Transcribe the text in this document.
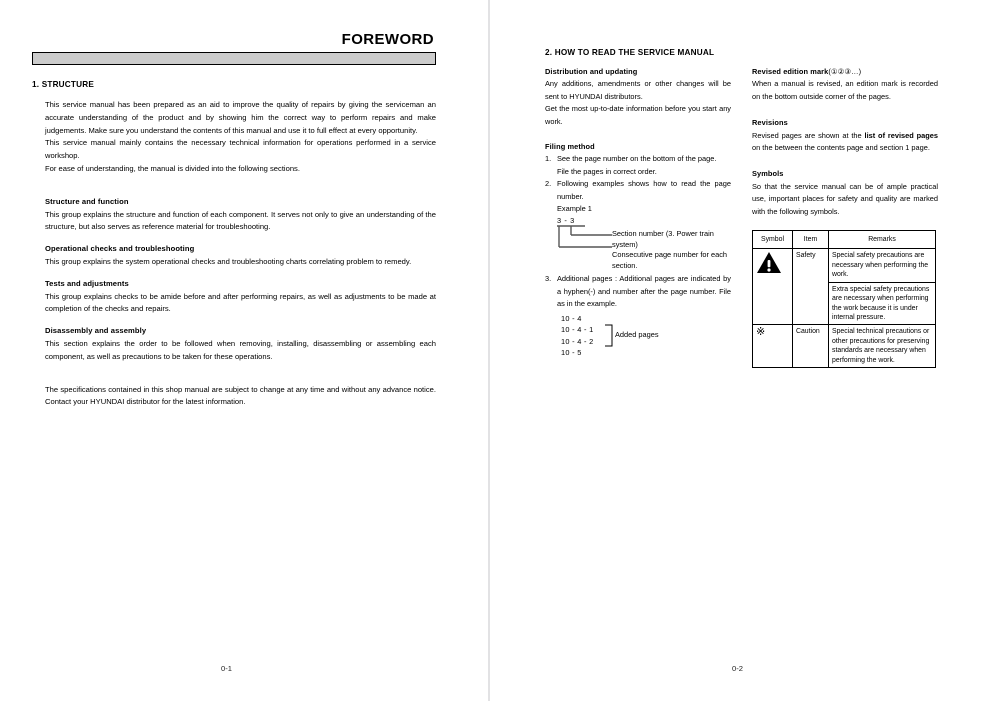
FOREWORD
1. STRUCTURE

This service manual has been prepared as an aid to improve the quality of repairs by giving the serviceman an accurate understanding of the product and by showing him the correct way to perform repairs and make judgements. Make sure you understand the contents of this manual and use it to full effect at every opportunity.

This service manual mainly contains the necessary technical information for operations performed in a service workshop.

For ease of understanding, the manual is divided into the following sections.

Structure and function

This group explains the structure and function of each component. It serves not only to give an understanding of the structure, but also serves as reference material for troubleshooting.

Operational checks and troubleshooting

This group explains the system operational checks and troubleshooting charts correlating problem to remedy.

Tests and adjustments

This group explains checks to be amide before and after performing repairs, as well as adjustments to be made at completion of the checks and repairs.

Disassembly and assembly

This section explains the order to be followed when removing, installing, disassembling or assembling each component, as well as precautions to be taken for these operations.

The specifications contained in this shop manual are subject to change at any time and without any advance notice. Contact your HYUNDAI distributor for the latest information.

0-1
2. HOW TO READ THE SERVICE MANUAL
Distribution and updating

Any additions, amendments or other changes will be sent to HYUNDAI distributors.

Get the most up-to-date information before you start any work.

Filing method
1. See the page number on the bottom of the page.
File the pages in correct order.
2. Following examples shows how to read the page number.
Example 1
3 - 3
Section number (3. Power train system)
Consecutive page number for each section.
3. Additional pages : Additional pages are indicated by a hyphen(-) and number after the page number. File as in the example.
10 - 4
10 - 4 - 1
10 - 4 - 2
10 - 5
Added pages
Revised edition mark(①②③…)

When a manual is revised, an edition mark is recorded on the bottom outside corner of the pages.

Revisions

Revised pages are shown at the list of revised pages on the between the contents page and section 1 page.

Symbols

So that the service manual can be of ample practical use, important places for safety and quality are marked with the following symbols.

Symbol	Item	Remarks
	Safety	Special safety precautions are necessary when performing the work.
		Extra special safety precautions are necessary when performing the work because it is under internal pressure.
※	Caution	Special technical precautions or other precautions for preserving standards are necessary when performing the work.
0-2
